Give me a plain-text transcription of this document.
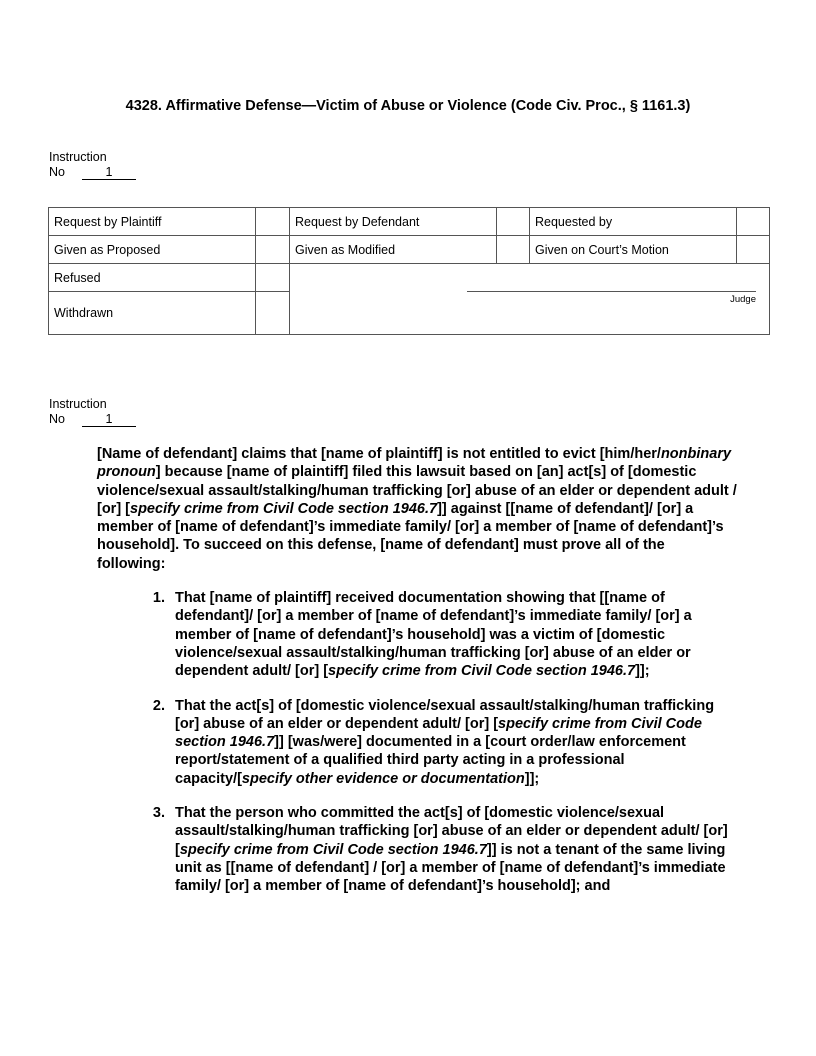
4328. Affirmative Defense—Victim of Abuse or Violence (Code Civ. Proc., § 1161.3)
Instruction
No	1
Request by Plaintiff		Request by Defendant		Requested by	
Given as Proposed		Given as Modified		Given on Court’s Motion	
Refused		Judge			

Withdrawn					
Instruction
No	1

[Name of defendant] claims that [name of plaintiff] is not entitled to evict [him/her/nonbinary pronoun] because [name of plaintiff] filed this lawsuit based on [an] act[s] of [domestic violence/sexual assault/stalking/human trafficking [or] abuse of an elder or dependent adult / [or] [specify crime from Civil Code section 1946.7]] against [[name of defendant]/ [or] a member of [name of defendant]’s immediate family/ [or] a member of [name of defendant]’s household]. To succeed on this defense, [name of defendant] must prove all of the following:

1. That [name of plaintiff] received documentation showing that [[name of defendant]/ [or] a member of [name of defendant]’s immediate family/ [or] a member of [name of defendant]’s household] was a victim of [domestic violence/sexual assault/stalking/human trafficking [or] abuse of an elder or dependent adult/ [or] [specify crime from Civil Code section 1946.7]];
2. That the act[s] of [domestic violence/sexual assault/stalking/human trafficking [or] abuse of an elder or dependent adult/ [or] [specify crime from Civil Code section 1946.7]] [was/were] documented in a [court order/law enforcement report/statement of a qualified third party acting in a professional capacity/[specify other evidence or documentation]];
3. That the person who committed the act[s] of [domestic violence/sexual assault/stalking/human trafficking [or] abuse of an elder or dependent adult/ [or] [specify crime from Civil Code section 1946.7]] is not a tenant of the same living unit as [[name of defendant] / [or] a member of [name of defendant]’s immediate family/ [or] a member of [name of defendant]’s household]; and
